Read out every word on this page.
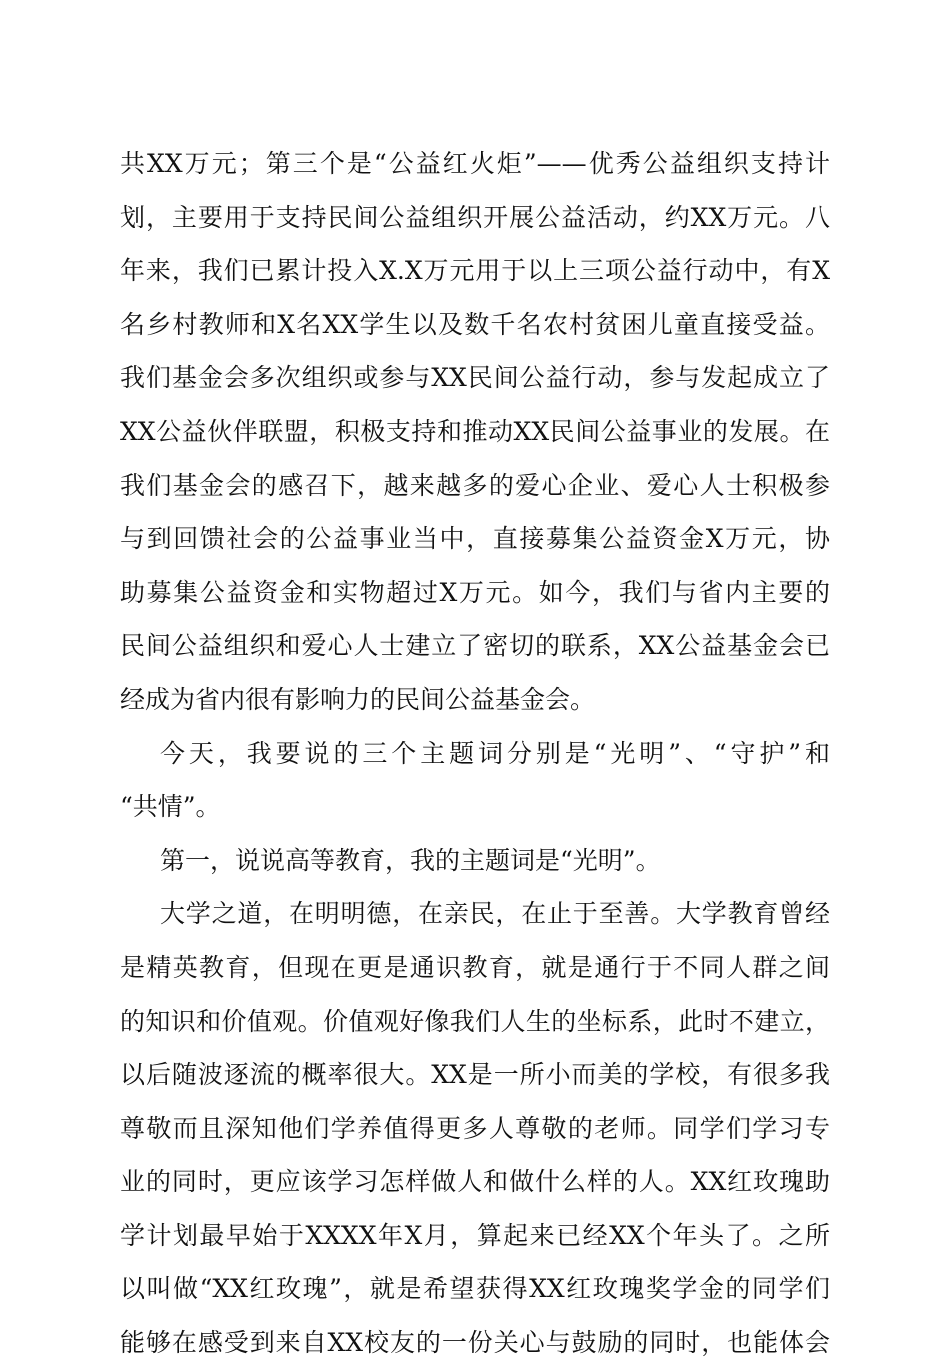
共XX万元；第三个是“公益红火炬”——优秀公益组织支持计
划，主要用于支持民间公益组织开展公益活动，约XX万元。八
年来，我们已累计投入X.X万元用于以上三项公益行动中，有X
名乡村教师和X名XX学生以及数千名农村贫困儿童直接受益。
我们基金会多次组织或参与XX民间公益行动，参与发起成立了
XX公益伙伴联盟，积极支持和推动XX民间公益事业的发展。在
我们基金会的感召下，越来越多的爱心企业、爱心人士积极参
与到回馈社会的公益事业当中，直接募集公益资金X万元，协
助募集公益资金和实物超过X万元。如今，我们与省内主要的
民间公益组织和爱心人士建立了密切的联系，XX公益基金会已
经成为省内很有影响力的民间公益基金会。
今天，我要说的三个主题词分别是“光明”、“守护”和
“共情”。
第一，说说高等教育，我的主题词是“光明”。
大学之道，在明明德，在亲民，在止于至善。大学教育曾经
是精英教育，但现在更是通识教育，就是通行于不同人群之间
的知识和价值观。价值观好像我们人生的坐标系，此时不建立，
以后随波逐流的概率很大。XX是一所小而美的学校，有很多我
尊敬而且深知他们学养值得更多人尊敬的老师。同学们学习专
业的同时，更应该学习怎样做人和做什么样的人。XX红玫瑰助
学计划最早始于XXXX年X月，算起来已经XX个年头了。之所
以叫做“XX红玫瑰”，就是希望获得XX红玫瑰奖学金的同学们
能够在感受到来自XX校友的一份关心与鼓励的同时，也能体会
